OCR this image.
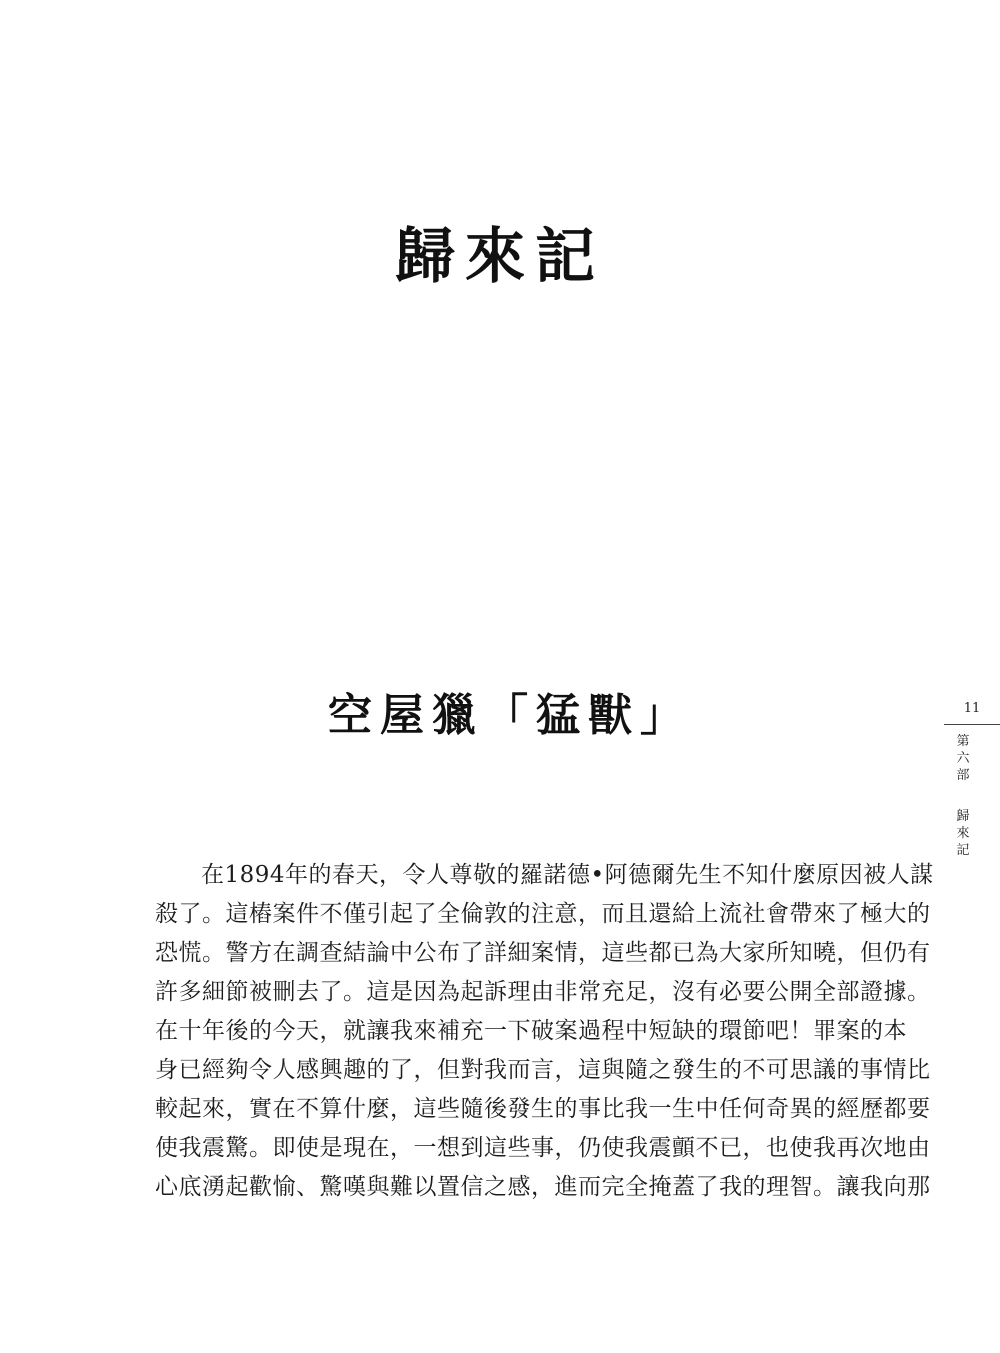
歸來記
空屋獵「猛獸」
在1894年的春天，令人尊敬的羅諾德•阿德爾先生不知什麼原因被人謀
殺了。這樁案件不僅引起了全倫敦的注意，而且還給上流社會帶來了極大的
恐慌。警方在調查結論中公布了詳細案情，這些都已為大家所知曉，但仍有
許多細節被刪去了。這是因為起訴理由非常充足，沒有必要公開全部證據。
在十年後的今天，就讓我來補充一下破案過程中短缺的環節吧！罪案的本
身已經夠令人感興趣的了，但對我而言，這與隨之發生的不可思議的事情比
較起來，實在不算什麼，這些隨後發生的事比我一生中任何奇異的經歷都要
使我震驚。即使是現在，一想到這些事，仍使我震顫不已，也使我再次地由
心底湧起歡愉、驚嘆與難以置信之感，進而完全掩蓋了我的理智。讓我向那
11
第六部
歸來記
